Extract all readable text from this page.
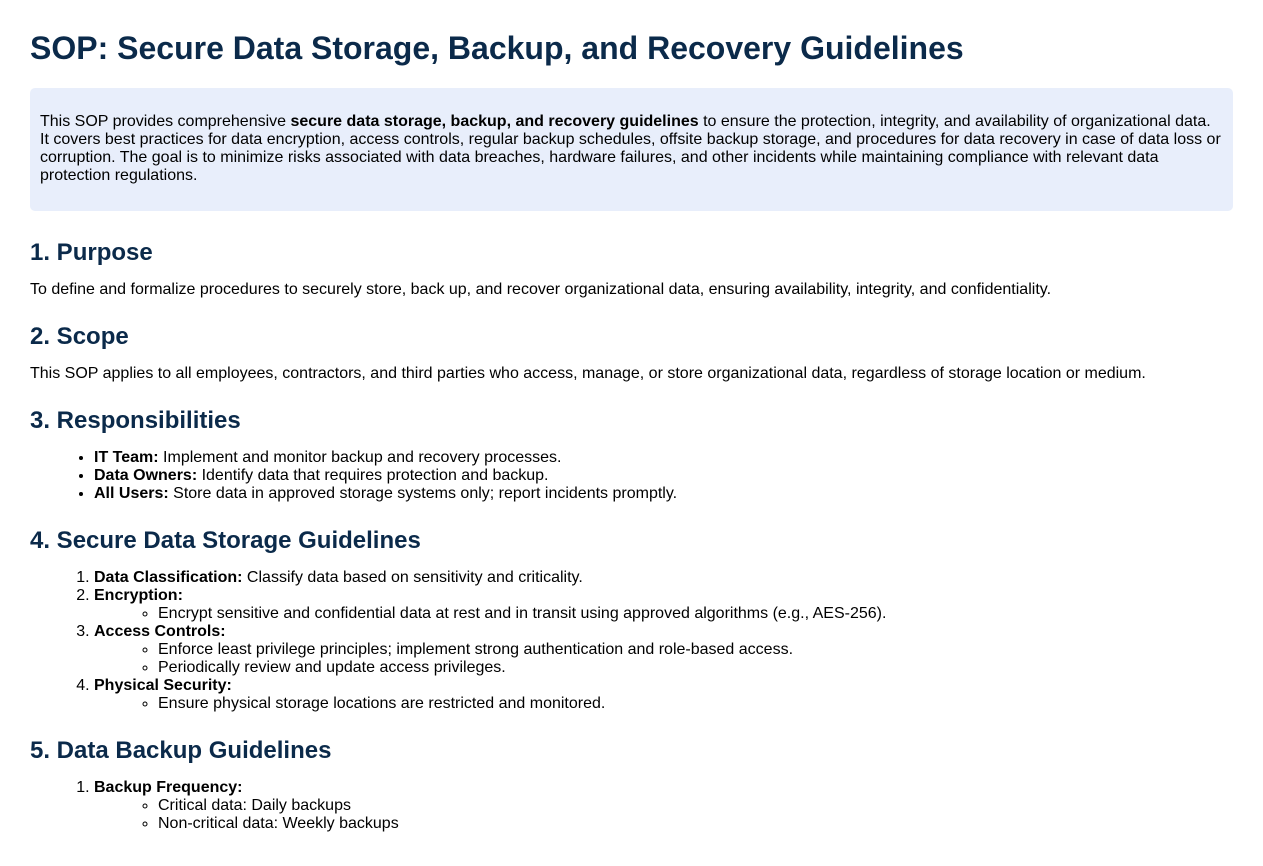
SOP: Secure Data Storage, Backup, and Recovery Guidelines
This SOP provides comprehensive secure data storage, backup, and recovery guidelines to ensure the protection, integrity, and availability of organizational data. It covers best practices for data encryption, access controls, regular backup schedules, offsite backup storage, and procedures for data recovery in case of data loss or corruption. The goal is to minimize risks associated with data breaches, hardware failures, and other incidents while maintaining compliance with relevant data protection regulations.
1. Purpose

To define and formalize procedures to securely store, back up, and recover organizational data, ensuring availability, integrity, and confidentiality.

2. Scope

This SOP applies to all employees, contractors, and third parties who access, manage, or store organizational data, regardless of storage location or medium.

3. Responsibilities
• IT Team: Implement and monitor backup and recovery processes.
• Data Owners: Identify data that requires protection and backup.
• All Users: Store data in approved storage systems only; report incidents promptly.
4. Secure Data Storage Guidelines
1. Data Classification: Classify data based on sensitivity and criticality.
2. Encryption:
◦ Encrypt sensitive and confidential data at rest and in transit using approved algorithms (e.g., AES-256).
3. Access Controls:
◦ Enforce least privilege principles; implement strong authentication and role-based access.
◦ Periodically review and update access privileges.
4. Physical Security:
◦ Ensure physical storage locations are restricted and monitored.
5. Data Backup Guidelines
1. Backup Frequency:
◦ Critical data: Daily backups
◦ Non-critical data: Weekly backups
